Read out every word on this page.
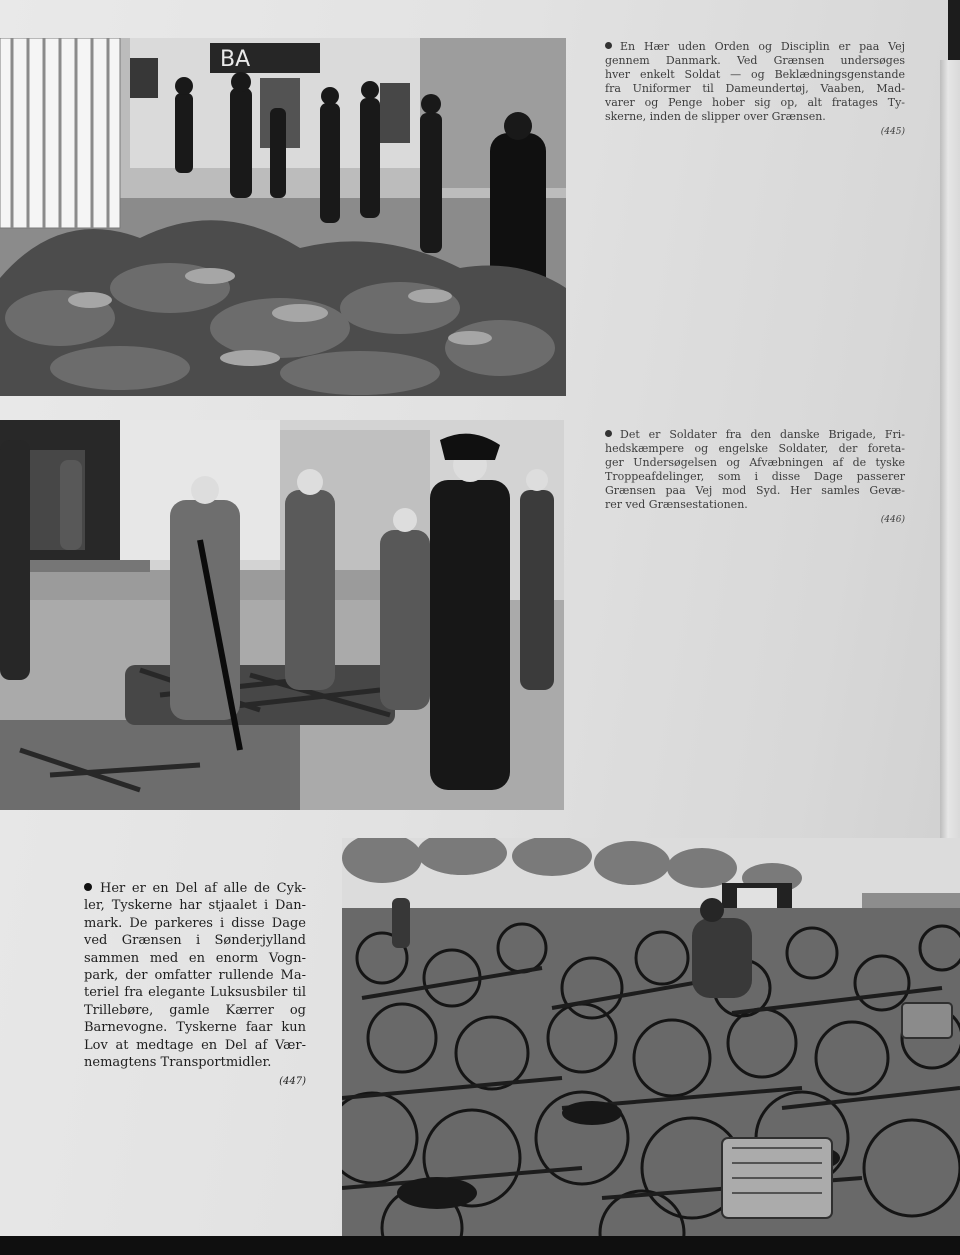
BA
En Hær uden Orden og Disciplin er paa Vej
gennem Danmark. Ved Grænsen undersøges
hver enkelt Soldat — og Beklædningsgenstande
fra Uniformer til Dameundertøj, Vaaben, Mad-
varer og Penge hober sig op, alt fratages Ty-
skerne, inden de slipper over Grænsen.
(445)
Det er Soldater fra den danske Brigade, Fri-
hedskæmpere og engelske Soldater, der foreta-
ger Undersøgelsen og Afvæbningen af de tyske
Troppeafdelinger, som i disse Dage passerer
Grænsen paa Vej mod Syd. Her samles Gevæ-
rer ved Grænsestationen.
(446)
Her er en Del af alle de Cyk-
ler, Tyskerne har stjaalet i Dan-
mark. De parkeres i disse Dage
ved Grænsen i Sønderjylland
sammen med en enorm Vogn-
park, der omfatter rullende Ma-
teriel fra elegante Luksusbiler til
Trillebøre, gamle Kærrer og
Barnevogne. Tyskerne faar kun
Lov at medtage en Del af Vær-
nemagtens Transportmidler.
(447)
